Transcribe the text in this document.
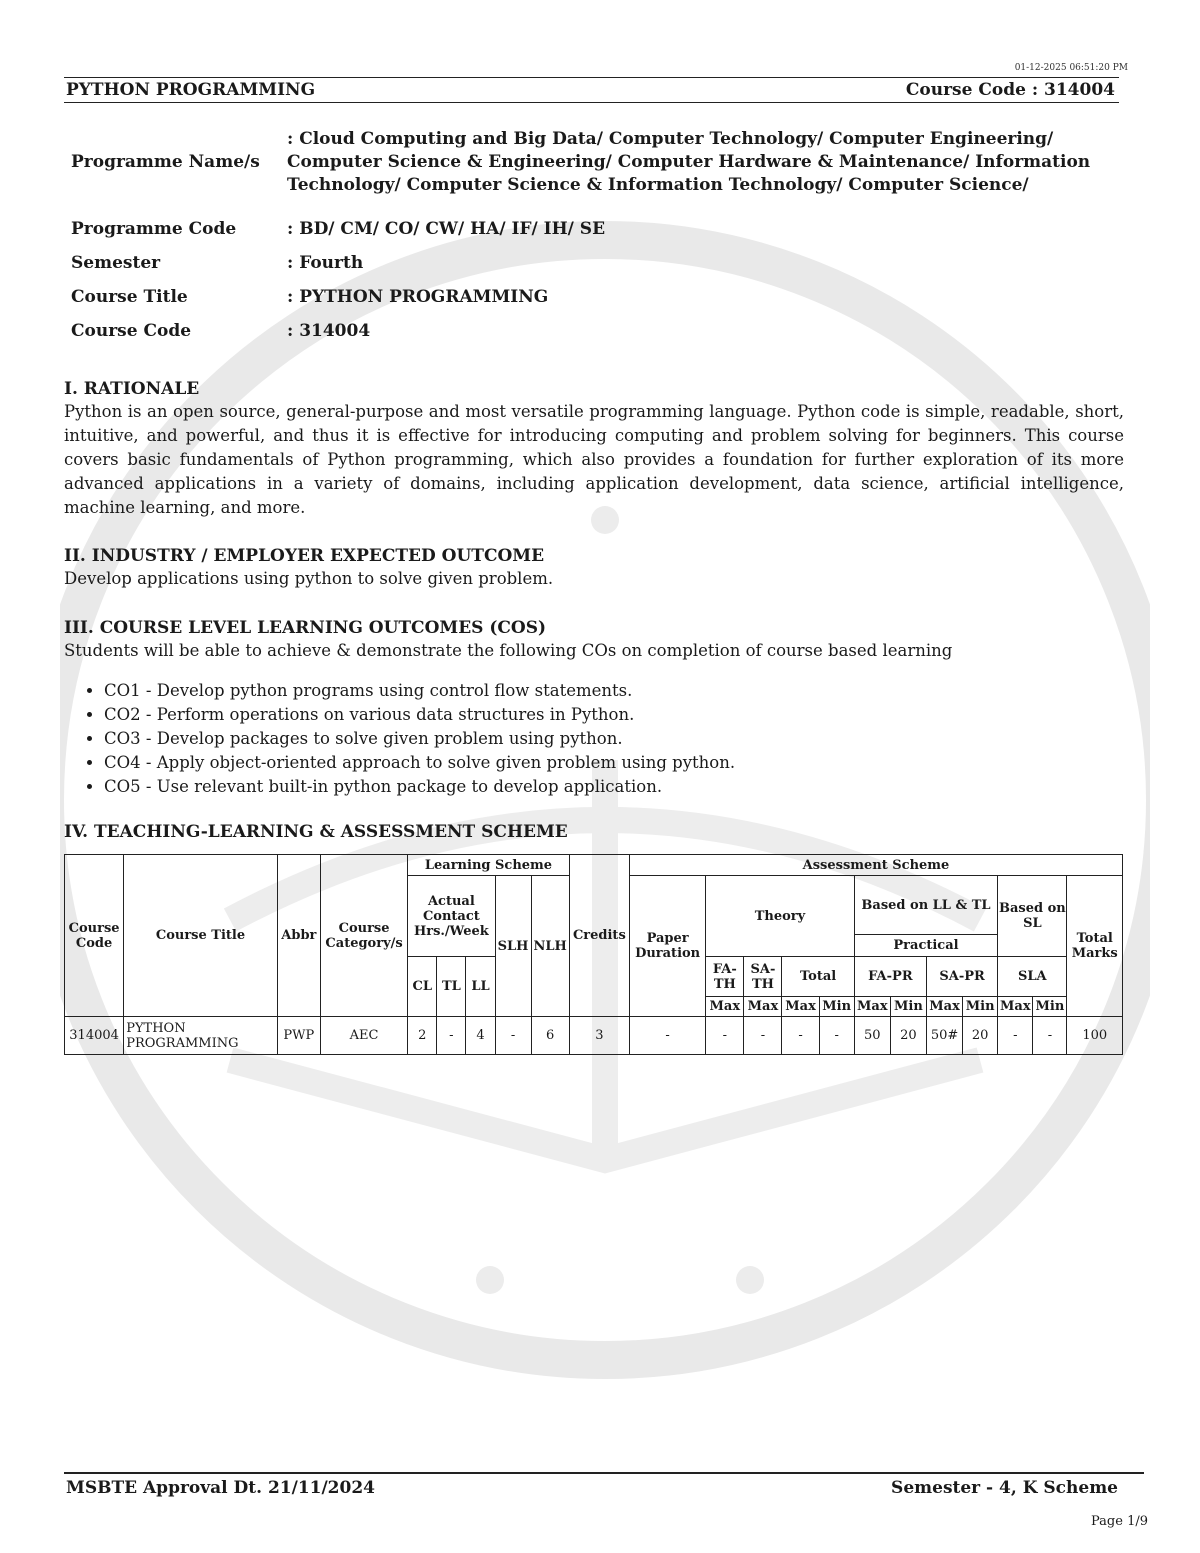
01-12-2025 06:51:20 PM
PYTHON PROGRAMMING	Course Code : 314004
Programme Name/s	: Cloud Computing and Big Data/ Computer Technology/ Computer Engineering/ Computer Science & Engineering/ Computer Hardware & Maintenance/ Information Technology/ Computer Science & Information Technology/ Computer Science/
Programme Code	: BD/ CM/ CO/ CW/ HA/ IF/ IH/ SE
Semester	: Fourth
Course Title	: PYTHON PROGRAMMING
Course Code	: 314004
I. RATIONALE

Python is an open source, general-purpose and most versatile programming language. Python code is simple, readable, short, intuitive, and powerful, and thus it is effective for introducing computing and problem solving for beginners. This course covers basic fundamentals of Python programming, which also provides a foundation for further exploration of its more advanced applications in a variety of domains, including application development, data science, artificial intelligence, machine learning, and more.

II. INDUSTRY / EMPLOYER EXPECTED OUTCOME

Develop applications using python to solve given problem.

III. COURSE LEVEL LEARNING OUTCOMES (COS)

Students will be able to achieve & demonstrate the following COs on completion of course based learning

• CO1 - Develop python programs using control flow statements.
• CO2 - Perform operations on various data structures in Python.
• CO3 - Develop packages to solve given problem using python.
• CO4 - Apply object-oriented approach to solve given problem using python.
• CO5 - Use relevant built-in python package to develop application.
IV. TEACHING-LEARNING & ASSESSMENT SCHEME
Course Code	Course Title	Abbr	Course Category/s	Learning Scheme					Credits	Assessment Scheme											
				Actual Contact Hrs./Week			SLH	NLH		Paper Duration	Theory				Based on LL & TL				Based on SL		Total Marks
															Practical						
				CL	TL	LL					FA-TH	SA-TH	Total		FA-PR		SA-PR		SLA		
											Max	Max	Max	Min	Max	Min	Max	Min	Max	Min	
314004	PYTHON PROGRAMMING	PWP	AEC	2	-	4	-	6	3	-	-	-	-	-	50	20	50#	20	-	-	100
MSBTE Approval Dt. 21/11/2024	Semester - 4, K Scheme
Page 1/9
